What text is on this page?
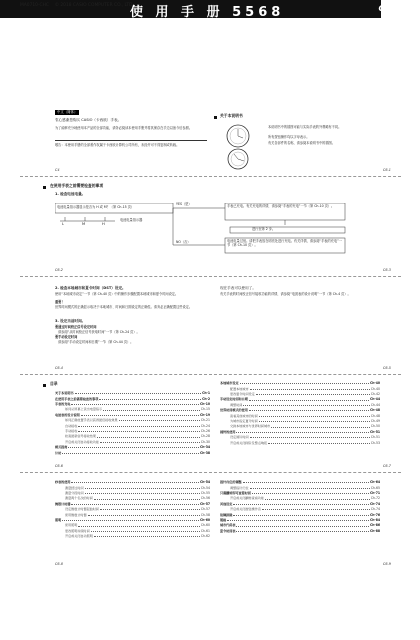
MA0710-CHC © 2018 CASIO COMPUTER CO., LTD.
使 用 手 册 5568	CASIO.
中文（简体）
衷心感谢您购买 CASIO（卡西欧）手表。
为了能够充分地使用本产品的全部功能，请务必阅读本使用手册并将其保存在手边以备今后参照。
敬告：本使用手册的全部著作权属于卡西欧计算机公司所有，未经许可不得复制或转载。
C4
关于本说明书
本说明书中的插图可能与实际手表的外观略有不同。
所有按钮操作均以字母表示。
有关各部件的名称，请参阅本说明书中的插图。
C6-1
在使用手表之前需要检查的事项
1. 检查电池电量。
电池电量指示器显示是否为 H 或 M？（第 Ch-15 页）
L	M	H
电池电量指示器
YES（是）
NO（否）
手表已充电。有关充电的详情，请参阅“手表的充电”一节（第 Ch-10 页）。
进行至第 2 步。
电池电量过低。请把手表放在明亮处进行充电。有关详情，请参阅“手表的充电”一节（第 Ch-10 页）。
C6-2	C6-3
2. 检查本地城市和夏令时间（DST）设定。
使用“本地城市设定”一节（第 Ch-40 页）中的操作步骤配置本地城市和夏令时间设定。
重要！
世界时间模式的正确显示取决于本地城市、时间和日期设定的正确性。请务必正确配置这些设定。
3. 设定当前时间。
要通过时间校正信号设定时间
请参阅“从时间校正信号获取时间”一节（第 Ch-24 页）。
要手动设定时间
请参阅“手动设定时间和日期”一节（第 Ch-44 页）。
现在手表可以使用了。
有关手表的时间校正信号接收功能的详情，请参阅“电波表的设计说明”一节（第 Ch-4 页）。
C6-4	C6-5
目录
关于本说明书	Ch-1
在使用手表之前需要检查的事项	Ch-2
手表的充电	Ch-10
如何从屏幕上读出电量指示	Ch-15
电波表的设计说明	Ch-19
如何正确放置手表以获得最佳接收效果	Ch-21
自动接收	Ch-24
手动接收	Ch-26
检查最新信号接收结果	Ch-28
开启或关闭自动接收功能	Ch-30
模式指南	Ch-34
计时	Ch-38
本地城市设定	Ch-40
配置本地城市	Ch-40
更改夏令时间设定	Ch-42
手动设定时间和日期	Ch-44
调整时间	Ch-44
世界时间模式的使用	Ch-48
查看其他城市的时间	Ch-48
为城市指定夏令时间	Ch-49
交换本地城市与世界时间城市	Ch-50
闹铃的使用	Ch-51
设定闹铃时间	Ch-51
开启或关闭闹铃及整点响报	Ch-53
C6-6	C6-7
秒表的使用	Ch-54
测量经过时间	Ch-54
测量分段时间	Ch-55
测量两个名次的时间	Ch-56
倒数计时器	Ch-57
设定倒数计时器起始时间	Ch-57
使用倒数计时器	Ch-58
照明	Ch-60
使用照明	Ch-60
更改照明持续时间	Ch-61
开启或关闭自动照明	Ch-62
指针归位的调整	Ch-64
调整指针归位	Ch-65
只需翻转即可查看时间	Ch-71
开启或关闭翻转查看功能	Ch-72
其他设定	Ch-74
开启或关闭按钮操作音	Ch-74
故障排除	Ch-76
规格	Ch-84
城市代码表	Ch-86
夏令时间表	Ch-88
C6-8	C6-9
